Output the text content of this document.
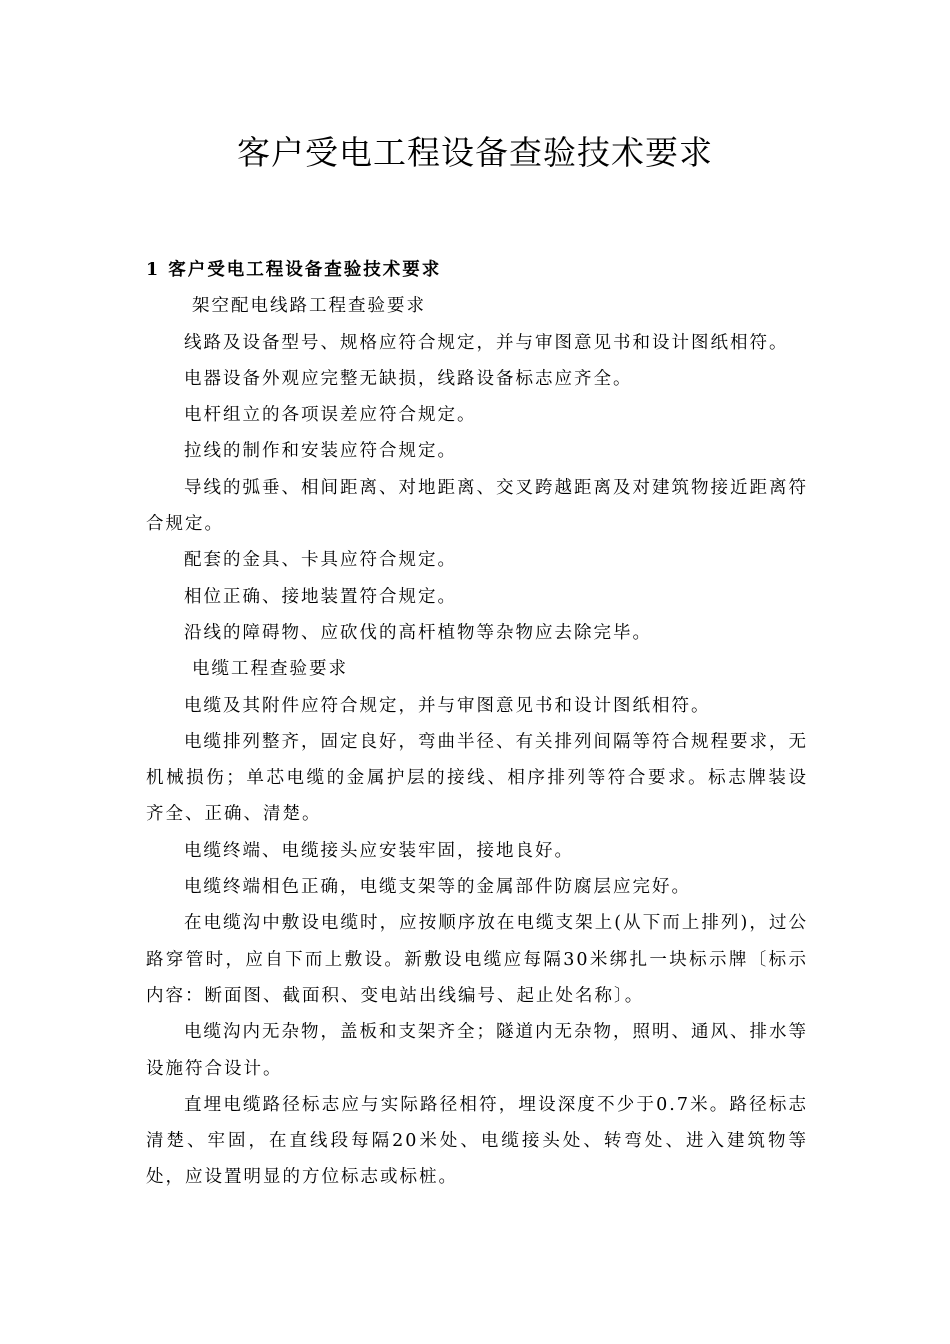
客户受电工程设备查验技术要求

1 客户受电工程设备查验技术要求

架空配电线路工程查验要求

线路及设备型号、规格应符合规定，并与审图意见书和设计图纸相符。

电器设备外观应完整无缺损，线路设备标志应齐全。

电杆组立的各项误差应符合规定。

拉线的制作和安装应符合规定。

导线的弧垂、相间距离、对地距离、交叉跨越距离及对建筑物接近距离符合规定。

配套的金具、卡具应符合规定。

相位正确、接地装置符合规定。

沿线的障碍物、应砍伐的高杆植物等杂物应去除完毕。

电缆工程查验要求

电缆及其附件应符合规定，并与审图意见书和设计图纸相符。

电缆排列整齐，固定良好，弯曲半径、有关排列间隔等符合规程要求，无机械损伤；单芯电缆的金属护层的接线、相序排列等符合要求。标志牌装设齐全、正确、清楚。

电缆终端、电缆接头应安装牢固，接地良好。

电缆终端相色正确，电缆支架等的金属部件防腐层应完好。

在电缆沟中敷设电缆时，应按顺序放在电缆支架上(从下而上排列)，过公路穿管时，应自下而上敷设。新敷设电缆应每隔30米绑扎一块标示牌〔标示内容：断面图、截面积、变电站出线编号、起止处名称〕。

电缆沟内无杂物，盖板和支架齐全；隧道内无杂物，照明、通风、排水等设施符合设计。

直埋电缆路径标志应与实际路径相符，埋设深度不少于0.7米。路径标志清楚、牢固，在直线段每隔20米处、电缆接头处、转弯处、进入建筑物等处，应设置明显的方位标志或标桩。
